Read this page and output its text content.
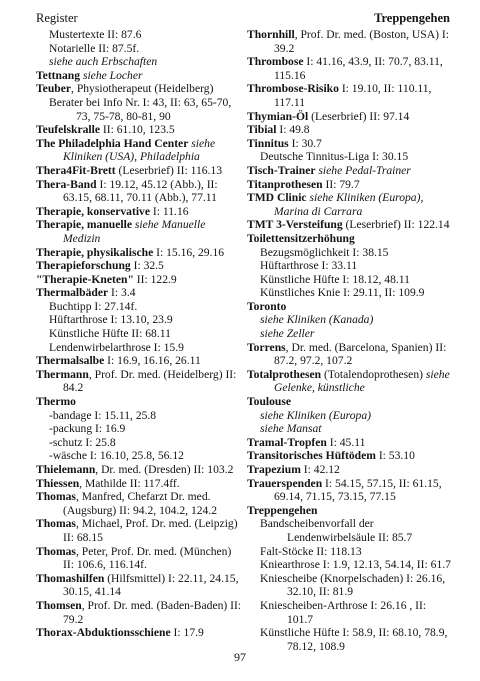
Register	Treppengehen

Mustertexte II: 87.6

Notarielle II: 87.5f.

siehe auch Erbschaften

Tettnang siehe Locher

Teuber, Physiotherapeut (Heidelberg)

Berater bei Info Nr. I: 43, II: 63, 65-70, 73, 75-78, 80-81, 90

Teufelskralle II: 61.10, 123.5

The Philadelphia Hand Center siehe Kliniken (USA), Philadelphia

Thera4Fit-Brett (Leserbrief) II: 116.13

Thera-Band I: 19.12, 45.12 (Abb.), II: 63.15, 68.11, 70.11 (Abb.), 77.11

Therapie, konservative I: 11.16

Therapie, manuelle siehe Manuelle Medizin

Therapie, physikalische I: 15.16, 29.16

Therapieforschung I: 32.5

"Therapie-Kneten" II: 122.9

Thermalbäder I: 3.4

Buchtipp I: 27.14f.

Hüftarthrose I: 13.10, 23.9

Künstliche Hüfte II: 68.11

Lendenwirbelarthrose I: 15.9

Thermalsalbe I: 16.9, 16.16, 26.11

Thermann, Prof. Dr. med. (Heidelberg) II: 84.2

Thermo

-bandage I: 15.11, 25.8

-packung I: 16.9

-schutz I: 25.8

-wäsche I: 16.10, 25.8, 56.12

Thielemann, Dr. med. (Dresden) II: 103.2

Thiessen, Mathilde II: 117.4ff.

Thomas, Manfred, Chefarzt Dr. med. (Augsburg) II: 94.2, 104.2, 124.2

Thomas, Michael, Prof. Dr. med. (Leipzig) II: 68.15

Thomas, Peter, Prof. Dr. med. (München) II: 106.6, 116.14f.

Thomashilfen (Hilfsmittel) I: 22.11, 24.15, 30.15, 41.14

Thomsen, Prof. Dr. med. (Baden-Baden) II: 79.2

Thorax-Abduktionsschiene I: 17.9

Thornhill, Prof. Dr. med. (Boston, USA) I: 39.2

Thrombose I: 41.16, 43.9, II: 70.7, 83.11, 115.16

Thrombose-Risiko I: 19.10, II: 110.11, 117.11

Thymian-Öl (Leserbrief) II: 97.14

Tibial I: 49.8

Tinnitus I: 30.7

Deutsche Tinnitus-Liga I: 30.15

Tisch-Trainer siehe Pedal-Trainer

Titanprothesen II: 79.7

TMD Clinic siehe Kliniken (Europa), Marina di Carrara

TMT 3-Versteifung (Leserbrief) II: 122.14

Toilettensitzerhöhung

Bezugsmöglichkeit I: 38.15

Hüftarthrose I: 33.11

Künstliche Hüfte I: 18.12, 48.11

Künstliches Knie I: 29.11, II: 109.9

Toronto

siehe Kliniken (Kanada)

siehe Zeller

Torrens, Dr. med. (Barcelona, Spanien) II: 87.2, 97.2, 107.2

Totalprothesen (Totalendoprothesen) siehe Gelenke, künstliche

Toulouse

siehe Kliniken (Europa)

siehe Mansat

Tramal-Tropfen I: 45.11

Transitorisches Hüftödem I: 53.10

Trapezium I: 42.12

Trauerspenden I: 54.15, 57.15, II: 61.15, 69.14, 71.15, 73.15, 77.15

Treppengehen

Bandscheibenvorfall der Lendenwirbelsäule II: 85.7

Falt-Stöcke II: 118.13

Kniearthrose I: 1.9, 12.13, 54.14, II: 61.7

Kniescheibe (Knorpelschaden) I: 26.16, 32.10, II: 81.9

Kniescheiben-Arthrose I: 26.16 , II: 101.7

Künstliche Hüfte I: 58.9, II: 68.10, 78.9, 78.12, 108.9

97
